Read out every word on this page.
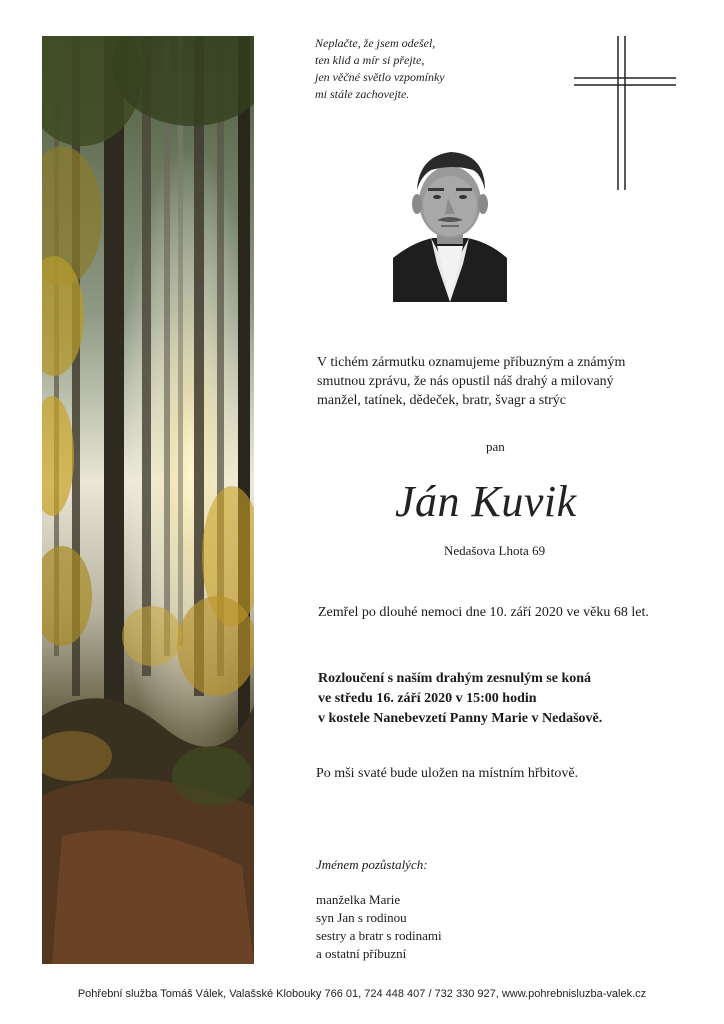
Neplačte, že jsem odešel,
ten klid a mír si přejte,
jen věčné světlo vzpomínky
mi stále zachovejte.
V tichém zármutku oznamujeme příbuzným a známým
smutnou zprávu, že nás opustil náš drahý a milovaný
manžel, tatínek, dědeček, bratr, švagr a strýc
pan
Ján Kuvik
Nedašova Lhota 69
Zemřel po dlouhé nemoci dne 10. září 2020 ve věku 68 let.
Rozloučení s naším drahým zesnulým se koná
ve středu 16. září 2020 v 15:00 hodin
v kostele Nanebevzetí Panny Marie v Nedašově.
Po mši svaté bude uložen na místním hřbitově.
Jménem pozůstalých:
manželka Marie
syn Jan s rodinou
sestry a bratr s rodinami
a ostatní příbuzní
Pohřební služba Tomáš Válek, Valašské Klobouky 766 01, 724 448 407 / 732 330 927, www.pohrebnisluzba-valek.cz
